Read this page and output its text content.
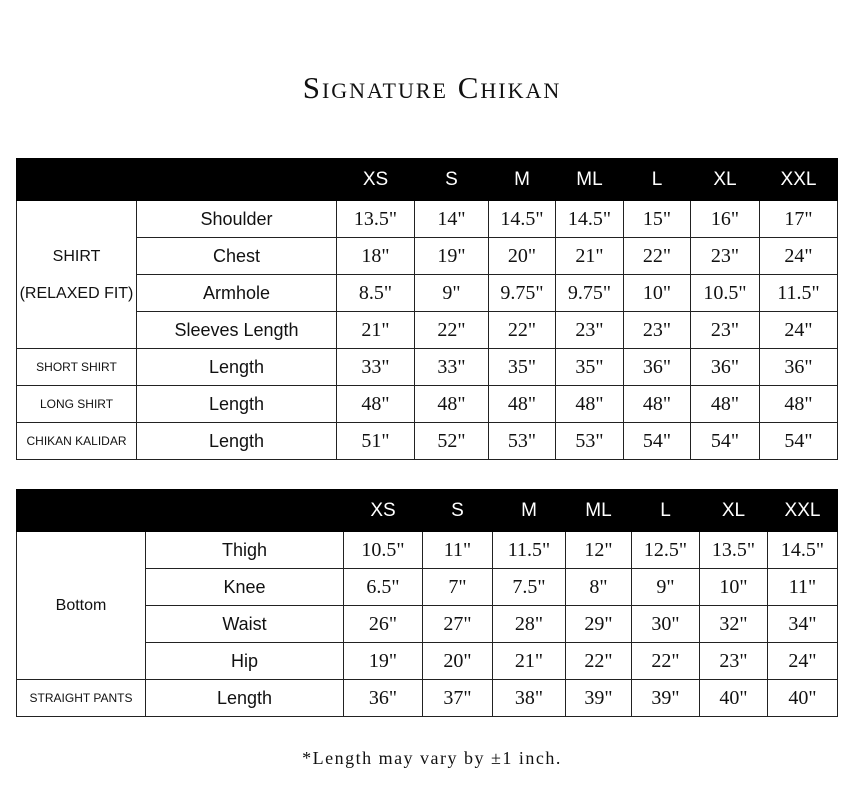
Signature Chikan
		XS	S	M	ML	L	XL	XXL

SHIRT
(RELAXED FIT)	Shoulder	13.5"	14"	14.5"	14.5"	15"	16"	17"
	Chest	18"	19"	20"	21"	22"	23"	24"
	Armhole	8.5"	9"	9.75"	9.75"	10"	10.5"	11.5"
	Sleeves Length	21"	22"	22"	23"	23"	23"	24"
SHORT SHIRT	Length	33"	33"	35"	35"	36"	36"	36"
LONG SHIRT	Length	48"	48"	48"	48"	48"	48"	48"
CHIKAN KALIDAR	Length	51"	52"	53"	53"	54"	54"	54"
		XS	S	M	ML	L	XL	XXL
Bottom	Thigh	10.5"	11"	11.5"	12"	12.5"	13.5"	14.5"
	Knee	6.5"	7"	7.5"	8"	9"	10"	11"
	Waist	26"	27"	28"	29"	30"	32"	34"
	Hip	19"	20"	21"	22"	22"	23"	24"
STRAIGHT PANTS	Length	36"	37"	38"	39"	39"	40"	40"
*Length may vary by ±1 inch.
